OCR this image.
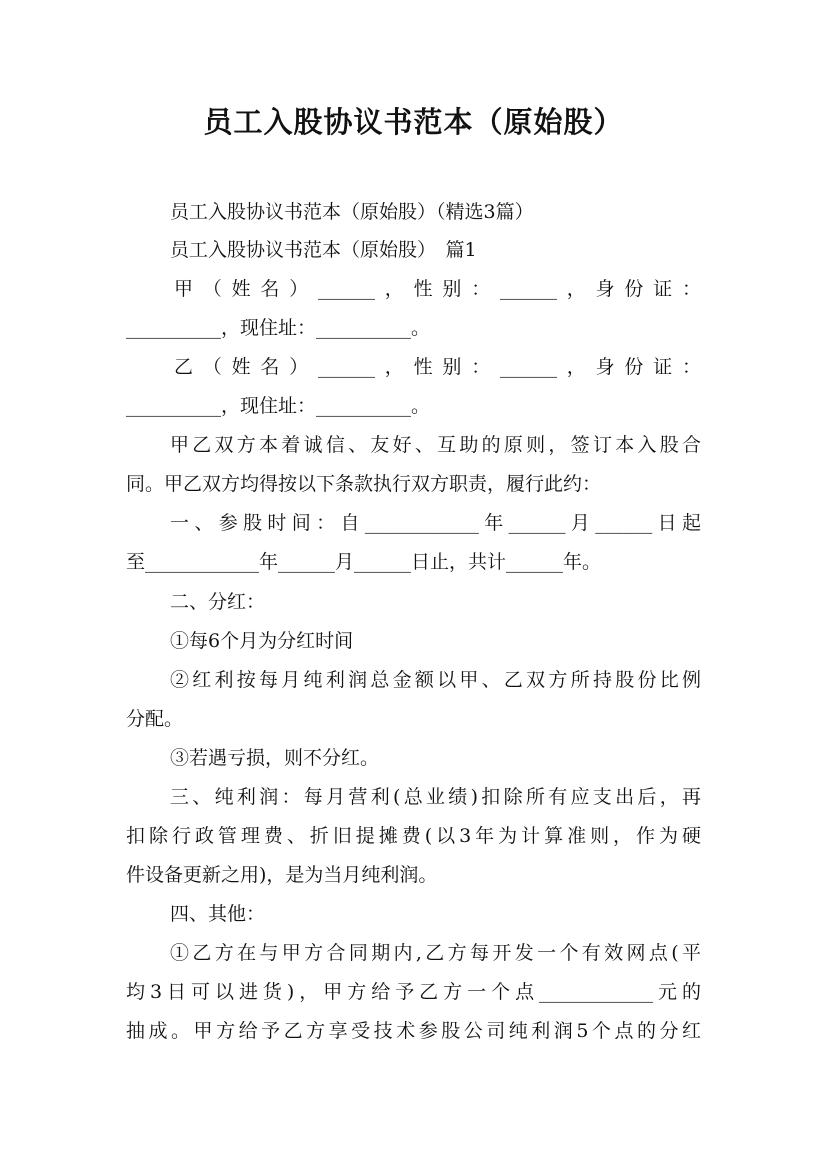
员工入股协议书范本（原始股）
员工入股协议书范本（原始股）（精选3篇）
员工入股协议书范本（原始股）　篇1
甲（姓名）______，性别：______，身份证：
__________，现住址：__________。
乙（姓名）______，性别：______，身份证：
__________，现住址：__________。
甲乙双方本着诚信、友好、互助的原则，签订本入股合
同。甲乙双方均得按以下条款执行双方职责，履行此约：
一、参股时间：自____________年______月______日起
至____________年______月______日止，共计______年。
二、分红：
①每6个月为分红时间
②红利按每月纯利润总金额以甲、乙双方所持股份比例
分配。
③若遇亏损，则不分红。
三、纯利润：每月营利(总业绩)扣除所有应支出后，再
扣除行政管理费、折旧提摊费(以3年为计算准则，作为硬
件设备更新之用)，是为当月纯利润。
四、其他：
①乙方在与甲方合同期内,乙方每开发一个有效网点(平
均3日可以进货)，甲方给予乙方一个点____________元的
抽成。甲方给予乙方享受技术参股公司纯利润5个点的分红
